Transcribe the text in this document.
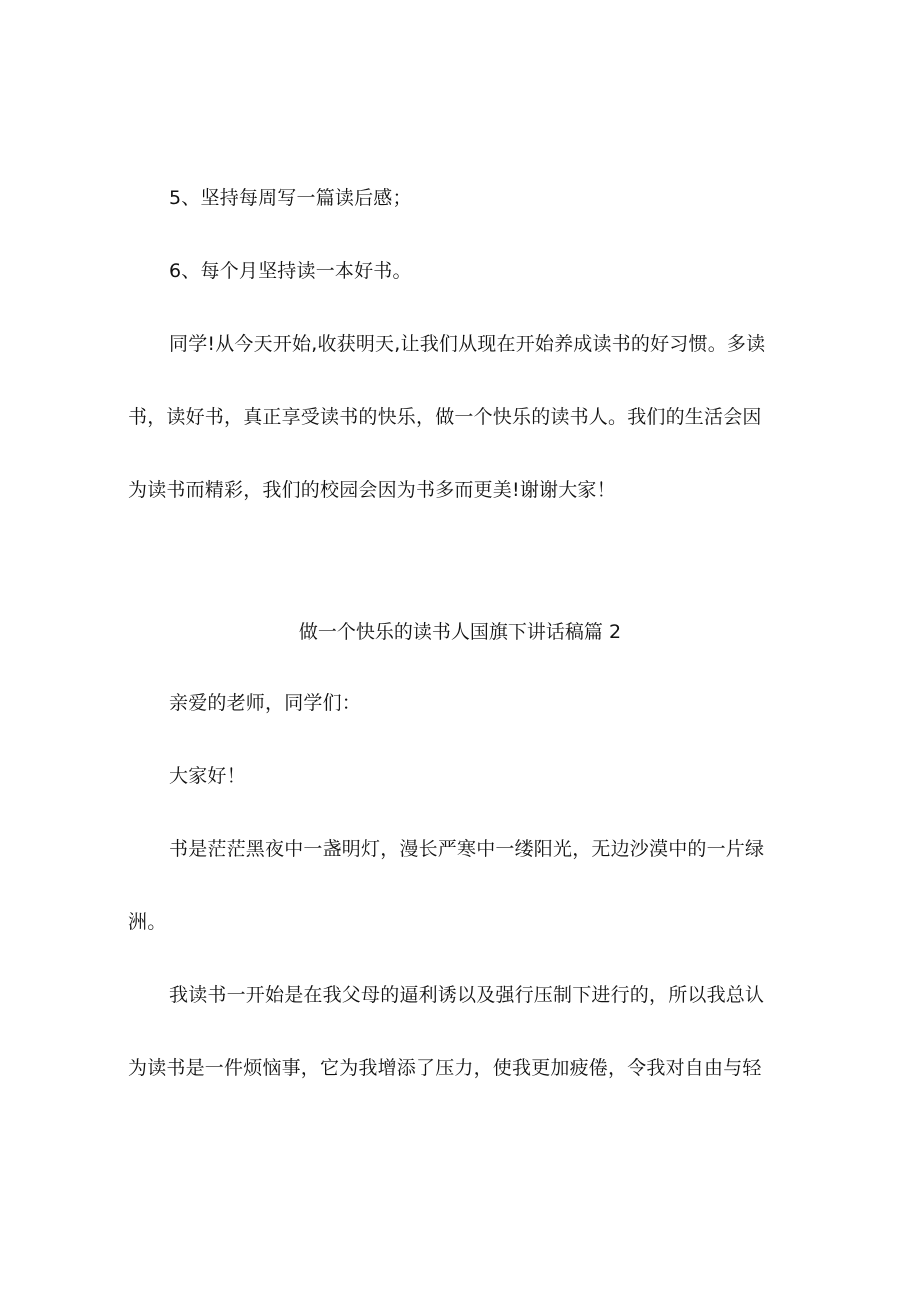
5、坚持每周写一篇读后感；
6、每个月坚持读一本好书。
同学!从今天开始,收获明天,让我们从现在开始养成读书的好习惯。多读
书，读好书，真正享受读书的快乐，做一个快乐的读书人。我们的生活会因
为读书而精彩，我们的校园会因为书多而更美!谢谢大家！
做一个快乐的读书人国旗下讲话稿篇 2
亲爱的老师，同学们：
大家好！
书是茫茫黑夜中一盏明灯，漫长严寒中一缕阳光，无边沙漠中的一片绿
洲。
我读书一开始是在我父母的逼利诱以及强行压制下进行的，所以我总认
为读书是一件烦恼事，它为我增添了压力，使我更加疲倦，令我对自由与轻
